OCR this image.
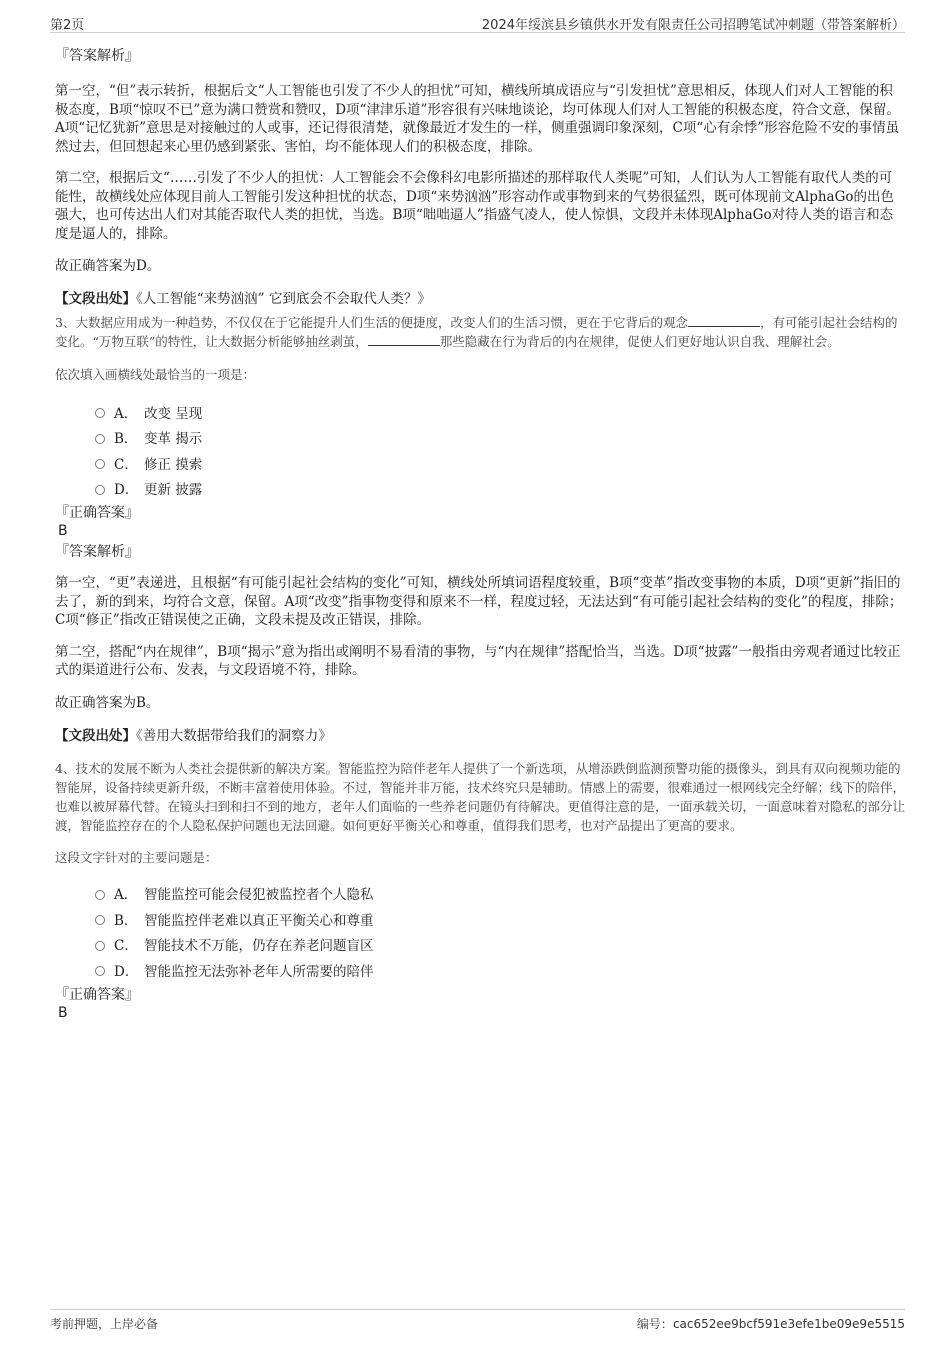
第2页	2024年绥滨县乡镇供水开发有限责任公司招聘笔试冲刺题（带答案解析）

『答案解析』

第一空，“但”表示转折，根据后文“人工智能也引发了不少人的担忧”可知，横线所填成语应与“引发担忧”意思相反，体现人们对人工智能的积极态度，B项“惊叹不已”意为满口赞赏和赞叹，D项“津津乐道”形容很有兴味地谈论，均可体现人们对人工智能的积极态度，符合文意，保留。A项“记忆犹新”意思是对接触过的人或事，还记得很清楚，就像最近才发生的一样，侧重强调印象深刻，C项“心有余悸”形容危险不安的事情虽然过去，但回想起来心里仍感到紧张、害怕，均不能体现人们的积极态度，排除。

第二空，根据后文“……引发了不少人的担忧：人工智能会不会像科幻电影所描述的那样取代人类呢”可知，人们认为人工智能有取代人类的可能性，故横线处应体现目前人工智能引发这种担忧的状态，D项“来势汹汹”形容动作或事物到来的气势很猛烈，既可体现前文AlphaGo的出色强大，也可传达出人们对其能否取代人类的担忧，当选。B项“咄咄逼人”指盛气凌人，使人惊惧，文段并未体现AlphaGo对待人类的语言和态度是逼人的，排除。

故正确答案为D。

【文段出处】《人工智能“来势汹汹” 它到底会不会取代人类？》

3、大数据应用成为一种趋势，不仅仅在于它能提升人们生活的便捷度，改变人们的生活习惯，更在于它背后的观念	，有可能引起社会结构的变化。“万物互联”的特性，让大数据分析能够抽丝剥茧，	那些隐藏在行为背后的内在规律，促使人们更好地认识自我、理解社会。

依次填入画横线处最恰当的一项是：

A． 改变 呈现
B． 变革 揭示
C． 修正 摸索
D． 更新 披露

『正确答案』

B

『答案解析』

第一空，“更”表递进，且根据“有可能引起社会结构的变化”可知，横线处所填词语程度较重，B项“变革”指改变事物的本质，D项“更新”指旧的去了，新的到来，均符合文意，保留。A项“改变”指事物变得和原来不一样，程度过轻，无法达到“有可能引起社会结构的变化”的程度，排除；C项“修正”指改正错误使之正确，文段未提及改正错误，排除。

第二空，搭配“内在规律”，B项“揭示”意为指出或阐明不易看清的事物，与“内在规律”搭配恰当，当选。D项“披露”一般指由旁观者通过比较正式的渠道进行公布、发表，与文段语境不符，排除。

故正确答案为B。

【文段出处】《善用大数据带给我们的洞察力》

4、技术的发展不断为人类社会提供新的解决方案。智能监控为陪伴老年人提供了一个新选项，从增添跌倒监测预警功能的摄像头，到具有双向视频功能的智能屏，设备持续更新升级，不断丰富着使用体验。不过，智能并非万能，技术终究只是辅助。情感上的需要，很难通过一根网线完全纾解；线下的陪伴，也难以被屏幕代替。在镜头扫到和扫不到的地方，老年人们面临的一些养老问题仍有待解决。更值得注意的是，一面承载关切，一面意味着对隐私的部分让渡，智能监控存在的个人隐私保护问题也无法回避。如何更好平衡关心和尊重，值得我们思考，也对产品提出了更高的要求。

这段文字针对的主要问题是：

A． 智能监控可能会侵犯被监控者个人隐私
B． 智能监控伴老难以真正平衡关心和尊重
C． 智能技术不万能，仍存在养老问题盲区
D． 智能监控无法弥补老年人所需要的陪伴

『正确答案』

B

考前押题，上岸必备	编号：cac652ee9bcf591e3efe1be09e9e5515
